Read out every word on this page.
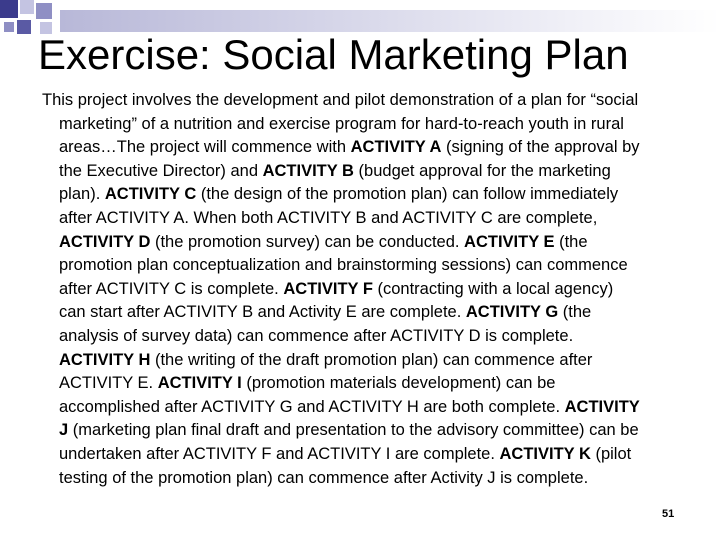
Exercise: Social Marketing Plan
This project involves the development and pilot demonstration of a plan for “social
marketing” of a nutrition and exercise program for hard-to-reach youth in rural
areas…The project will commence with ACTIVITY A (signing of the approval by
the Executive Director) and ACTIVITY B (budget approval for the marketing
plan). ACTIVITY C (the design of the promotion plan) can follow immediately
after ACTIVITY A. When both ACTIVITY B and ACTIVITY C are complete,
ACTIVITY D (the promotion survey) can be conducted. ACTIVITY E (the
promotion plan conceptualization and brainstorming sessions) can commence
after ACTIVITY C is complete. ACTIVITY F (contracting with a local agency)
can start after ACTIVITY B and Activity E are complete. ACTIVITY G (the
analysis of survey data) can commence after ACTIVITY D is complete.
ACTIVITY H (the writing of the draft promotion plan) can commence after
ACTIVITY E. ACTIVITY I (promotion materials development) can be
accomplished after ACTIVITY G and ACTIVITY H are both complete. ACTIVITY
J (marketing plan final draft and presentation to the advisory committee) can be
undertaken after ACTIVITY F and ACTIVITY I are complete. ACTIVITY K (pilot
testing of the promotion plan) can commence after Activity J is complete.
51
